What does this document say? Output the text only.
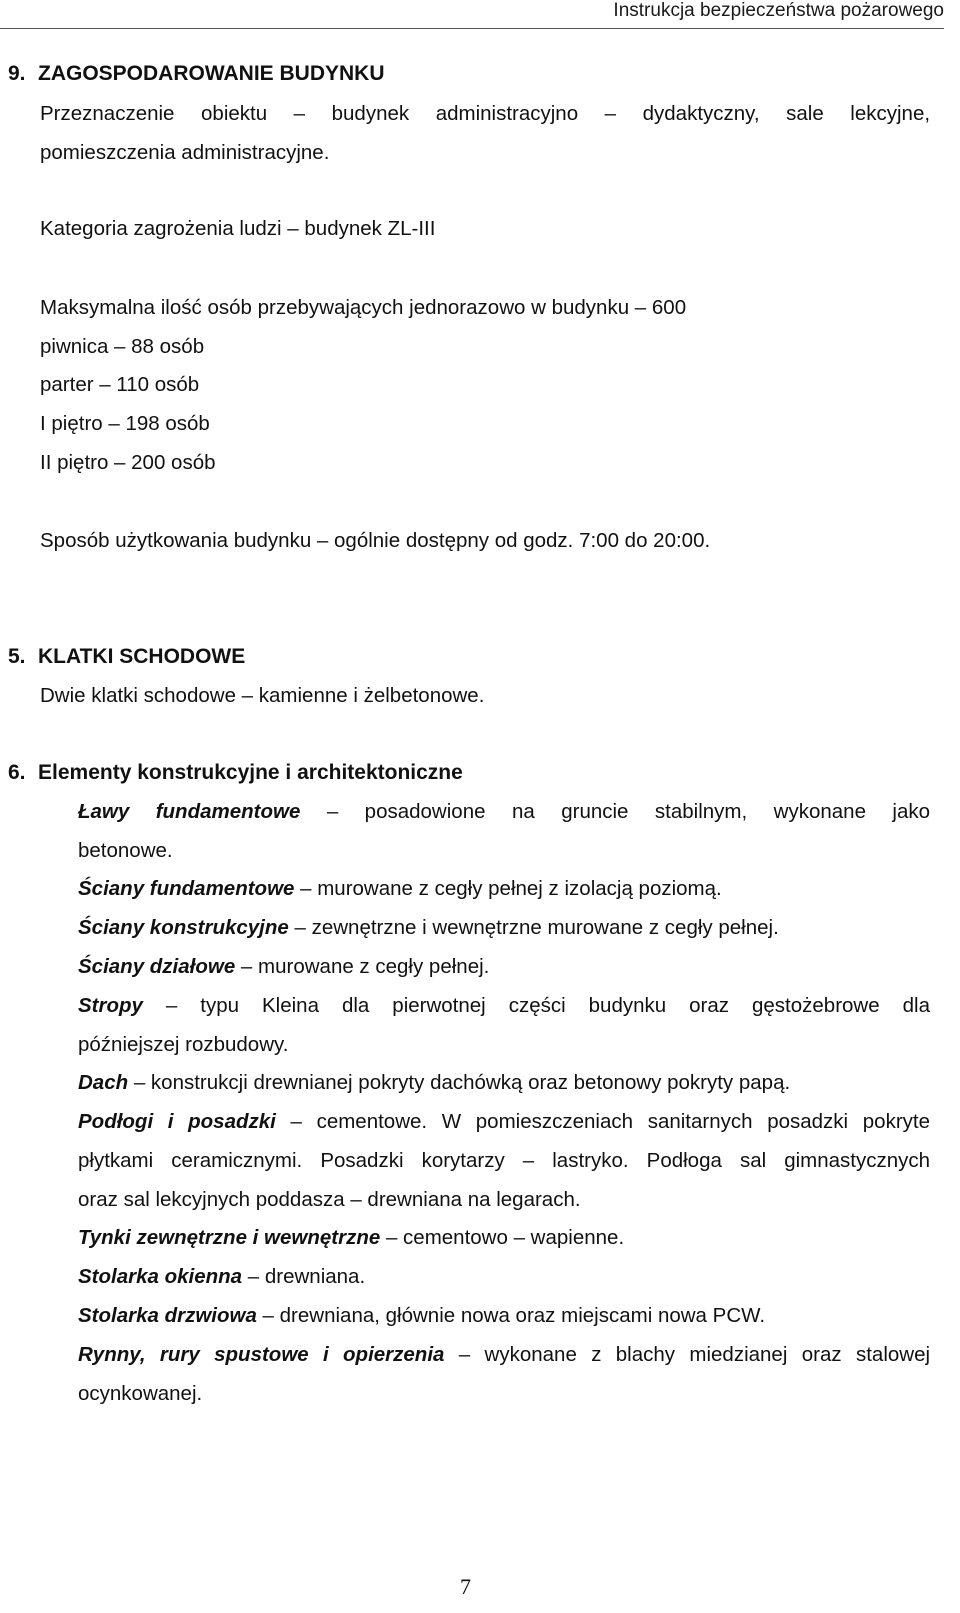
Instrukcja bezpieczeństwa pożarowego
9. ZAGOSPODAROWANIE BUDYNKU
Przeznaczenie obiektu – budynek administracyjno – dydaktyczny, sale lekcyjne,
pomieszczenia administracyjne.
Kategoria zagrożenia ludzi – budynek ZL-III
Maksymalna ilość osób przebywających jednorazowo w budynku – 600
piwnica – 88 osób
parter – 110 osób
I piętro – 198 osób
II piętro – 200 osób
Sposób użytkowania budynku – ogólnie dostępny od godz. 7:00 do 20:00.
5. KLATKI SCHODOWE
Dwie klatki schodowe – kamienne i żelbetonowe.
6. Elementy konstrukcyjne i architektoniczne
Ławy fundamentowe – posadowione na gruncie stabilnym, wykonane jako
betonowe.
Ściany fundamentowe – murowane z cegły pełnej z izolacją poziomą.
Ściany konstrukcyjne – zewnętrzne i wewnętrzne murowane z cegły pełnej.
Ściany działowe – murowane z cegły pełnej.
Stropy – typu Kleina dla pierwotnej części budynku oraz gęstożebrowe dla
późniejszej rozbudowy.
Dach – konstrukcji drewnianej pokryty dachówką oraz betonowy pokryty papą.
Podłogi i posadzki – cementowe. W pomieszczeniach sanitarnych posadzki pokryte
płytkami ceramicznymi. Posadzki korytarzy – lastryko. Podłoga sal gimnastycznych
oraz sal lekcyjnych poddasza – drewniana na legarach.
Tynki zewnętrzne i wewnętrzne – cementowo – wapienne.
Stolarka okienna – drewniana.
Stolarka drzwiowa – drewniana, głównie nowa oraz miejscami nowa PCW.
Rynny, rury spustowe i opierzenia – wykonane z blachy miedzianej oraz stalowej
ocynkowanej.
7
